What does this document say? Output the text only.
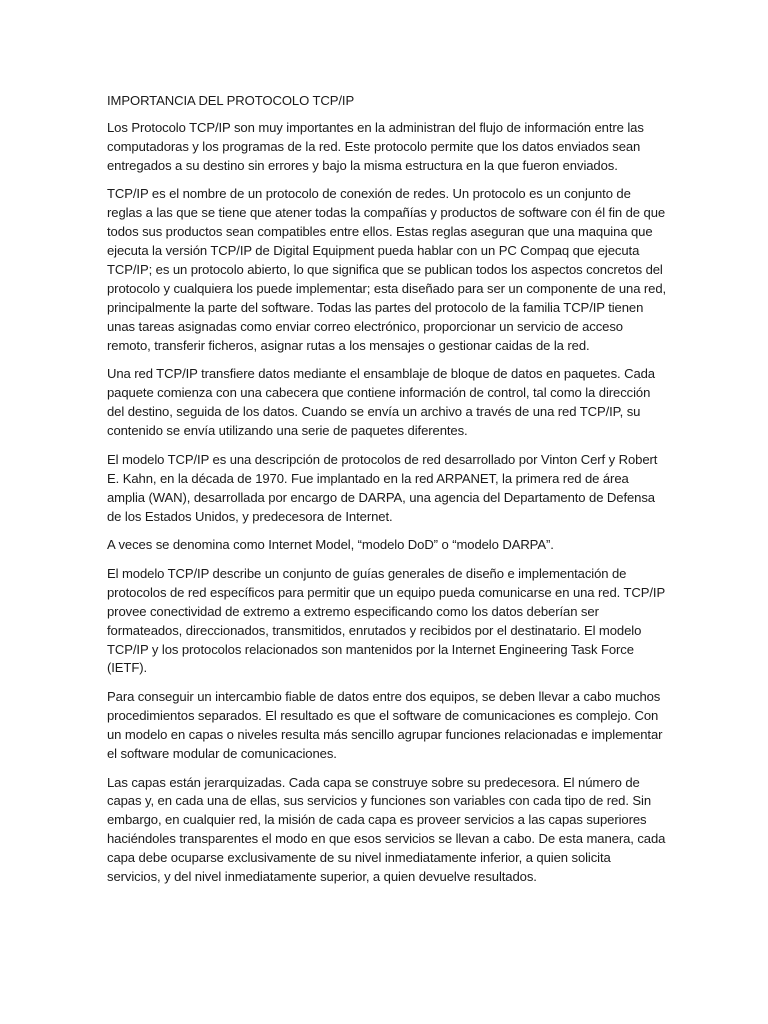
IMPORTANCIA DEL PROTOCOLO TCP/IP

Los Protocolo TCP/IP son muy importantes en la administran del flujo de información entre las computadoras y los programas de la red. Este protocolo permite que los datos enviados sean entregados a su destino sin errores y bajo la misma estructura en la que fueron enviados.

TCP/IP es el nombre de un protocolo de conexión de redes. Un protocolo es un conjunto de reglas a las que se tiene que atener todas la compañías y productos de software con él fin de que todos sus productos sean compatibles entre ellos. Estas reglas aseguran que una maquina que ejecuta la versión TCP/IP de Digital Equipment pueda hablar con un PC Compaq que ejecuta TCP/IP; es un protocolo abierto, lo que significa que se publican todos los aspectos concretos del protocolo y cualquiera los puede implementar; esta diseñado para ser un componente de una red, principalmente la parte del software. Todas las partes del protocolo de la familia TCP/IP tienen unas tareas asignadas como enviar correo electrónico, proporcionar un servicio de acceso remoto, transferir ficheros, asignar rutas a los mensajes o gestionar caidas de la red.

Una red TCP/IP transfiere datos mediante el ensamblaje de bloque de datos en paquetes. Cada paquete comienza con una cabecera que contiene información de control, tal como la dirección del destino, seguida de los datos. Cuando se envía un archivo a través de una red TCP/IP, su contenido se envía utilizando una serie de paquetes diferentes.

El modelo TCP/IP es una descripción de protocolos de red desarrollado por Vinton Cerf y Robert E. Kahn, en la década de 1970. Fue implantado en la red ARPANET, la primera red de área amplia (WAN), desarrollada por encargo de DARPA, una agencia del Departamento de Defensa de los Estados Unidos, y predecesora de Internet.

A veces se denomina como Internet Model, “modelo DoD” o “modelo DARPA”.

El modelo TCP/IP describe un conjunto de guías generales de diseño e implementación de protocolos de red específicos para permitir que un equipo pueda comunicarse en una red. TCP/IP provee conectividad de extremo a extremo especificando como los datos deberían ser formateados, direccionados, transmitidos, enrutados y recibidos por el destinatario. El modelo TCP/IP y los protocolos relacionados son mantenidos por la Internet Engineering Task Force (IETF).

Para conseguir un intercambio fiable de datos entre dos equipos, se deben llevar a cabo muchos procedimientos separados. El resultado es que el software de comunicaciones es complejo. Con un modelo en capas o niveles resulta más sencillo agrupar funciones relacionadas e implementar el software modular de comunicaciones.

Las capas están jerarquizadas. Cada capa se construye sobre su predecesora. El número de capas y, en cada una de ellas, sus servicios y funciones son variables con cada tipo de red. Sin embargo, en cualquier red, la misión de cada capa es proveer servicios a las capas superiores haciéndoles transparentes el modo en que esos servicios se llevan a cabo. De esta manera, cada capa debe ocuparse exclusivamente de su nivel inmediatamente inferior, a quien solicita servicios, y del nivel inmediatamente superior, a quien devuelve resultados.
